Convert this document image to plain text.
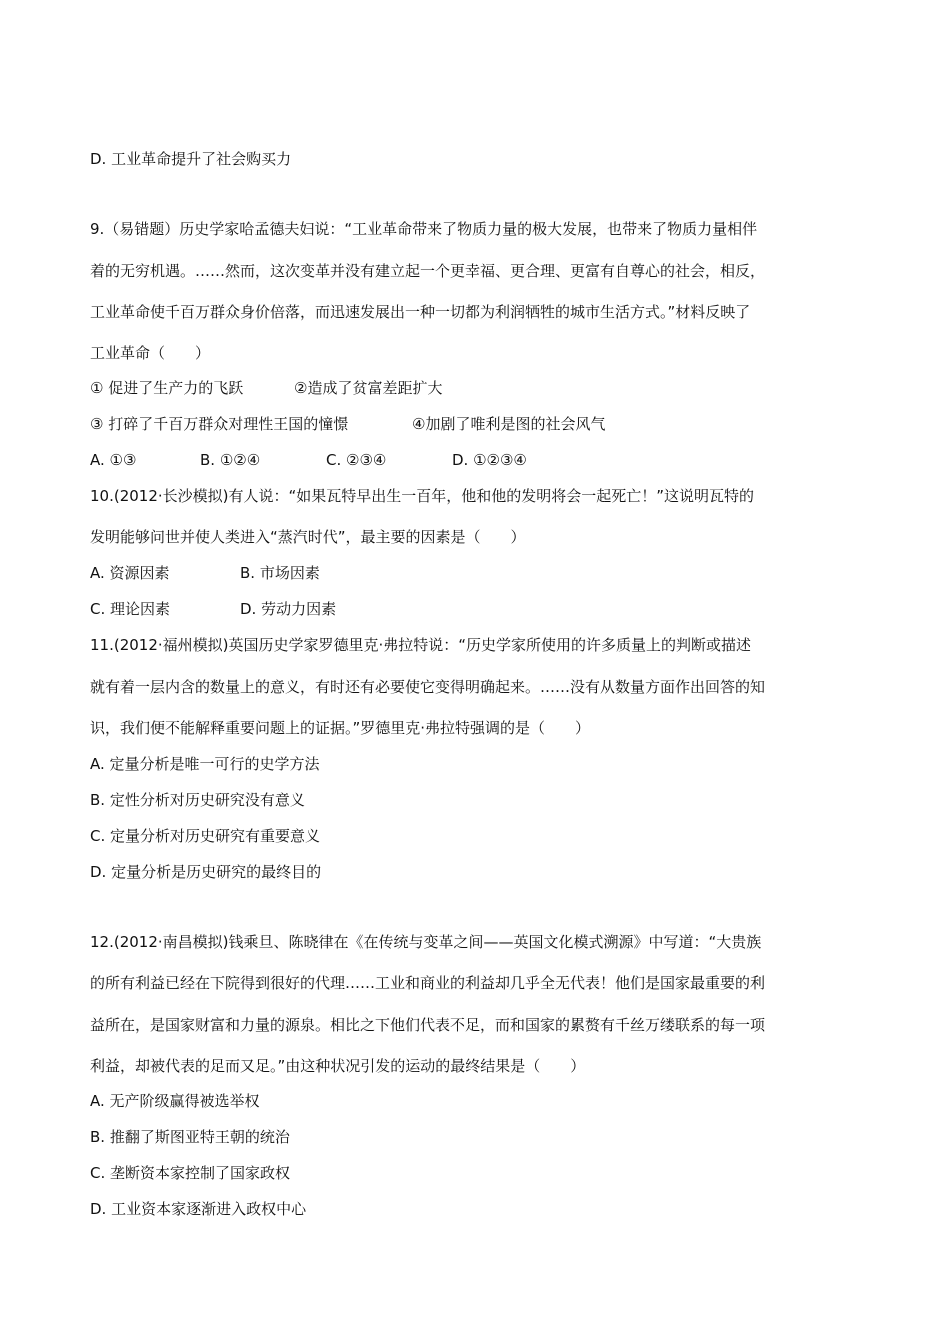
D. 工业革命提升了社会购买力
9.（易错题）历史学家哈孟德夫妇说：“工业革命带来了物质力量的极大发展，也带来了物质力量相伴
着的无穷机遇。……然而，这次变革并没有建立起一个更幸福、更合理、更富有自尊心的社会，相反，
工业革命使千百万群众身价倍落，而迅速发展出一种一切都为利润牺牲的城市生活方式。”材料反映了
工业革命（　　）
① 促进了生产力的飞跃	②造成了贫富差距扩大
③ 打碎了千百万群众对理性王国的憧憬	④加剧了唯利是图的社会风气
A. ①③	B. ①②④	C. ②③④	D. ①②③④
10.(2012·长沙模拟)有人说：“如果瓦特早出生一百年，他和他的发明将会一起死亡！”这说明瓦特的
发明能够问世并使人类进入“蒸汽时代”，最主要的因素是（　　）
A. 资源因素	B. 市场因素
C. 理论因素	D. 劳动力因素
11.(2012·福州模拟)英国历史学家罗德里克·弗拉特说：“历史学家所使用的许多质量上的判断或描述
就有着一层内含的数量上的意义，有时还有必要使它变得明确起来。……没有从数量方面作出回答的知
识，我们便不能解释重要问题上的证据。”罗德里克·弗拉特强调的是（　　）
A. 定量分析是唯一可行的史学方法
B. 定性分析对历史研究没有意义
C. 定量分析对历史研究有重要意义
D. 定量分析是历史研究的最终目的
12.(2012·南昌模拟)钱乘旦、陈晓律在《在传统与变革之间——英国文化模式溯源》中写道：“大贵族
的所有利益已经在下院得到很好的代理……工业和商业的利益却几乎全无代表！他们是国家最重要的利
益所在，是国家财富和力量的源泉。相比之下他们代表不足，而和国家的累赘有千丝万缕联系的每一项
利益，却被代表的足而又足。”由这种状况引发的运动的最终结果是（　　）
A. 无产阶级赢得被选举权
B. 推翻了斯图亚特王朝的统治
C. 垄断资本家控制了国家政权
D. 工业资本家逐渐进入政权中心
